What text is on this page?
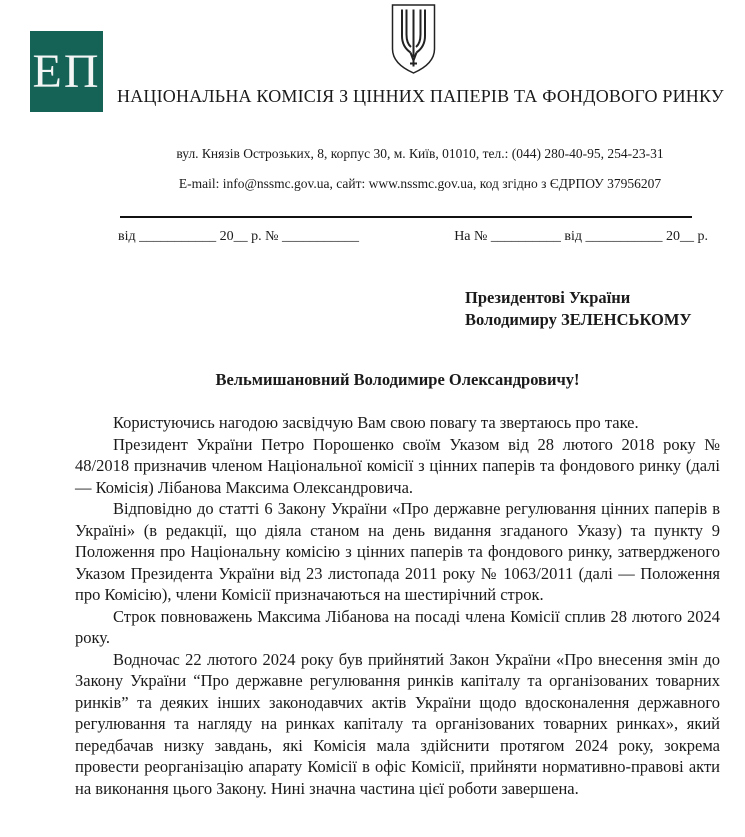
ЕП НАЦІОНАЛЬНА КОМІСІЯ З ЦІННИХ ПАПЕРІВ ТА ФОНДОВОГО РИНКУ
вул. Князів Острозьких, 8, корпус 30, м. Київ, 01010, тел.: (044) 280-40-95, 254-23-31
E-mail: info@nssmc.gov.ua, сайт: www.nssmc.gov.ua, код згідно з ЄДРПОУ 37956207
від ___________ 20__ р. № ___________	На № __________ від ___________ 20__ р.
Президентові України
Володимиру ЗЕЛЕНСЬКОМУ
Вельмишановний Володимире Олександровичу!

Користуючись нагодою засвідчую Вам свою повагу та звертаюсь про таке.

Президент України Петро Порошенко своїм Указом від 28 лютого 2018 року № 48/2018 призначив членом Національної комісії з цінних паперів та фондового ринку (далі — Комісія) Лібанова Максима Олександровича.

Відповідно до статті 6 Закону України «Про державне регулювання цінних паперів в Україні» (в редакції, що діяла станом на день видання згаданого Указу) та пункту 9 Положення про Національну комісію з цінних паперів та фондового ринку, затвердженого Указом Президента України від 23 листопада 2011 року № 1063/2011 (далі — Положення про Комісію), члени Комісії призначаються на шестирічний строк.

Строк повноважень Максима Лібанова на посаді члена Комісії сплив 28 лютого 2024 року.

Водночас 22 лютого 2024 року був прийнятий Закон України «Про внесення змін до Закону України “Про державне регулювання ринків капіталу та організованих товарних ринків” та деяких інших законодавчих актів України щодо вдосконалення державного регулювання та нагляду на ринках капіталу та організованих товарних ринках», який передбачав низку завдань, які Комісія мала здійснити протягом 2024 року, зокрема провести реорганізацію апарату Комісії в офіс Комісії, прийняти нормативно-правові акти на виконання цього Закону. Нині значна частина цієї роботи завершена.
